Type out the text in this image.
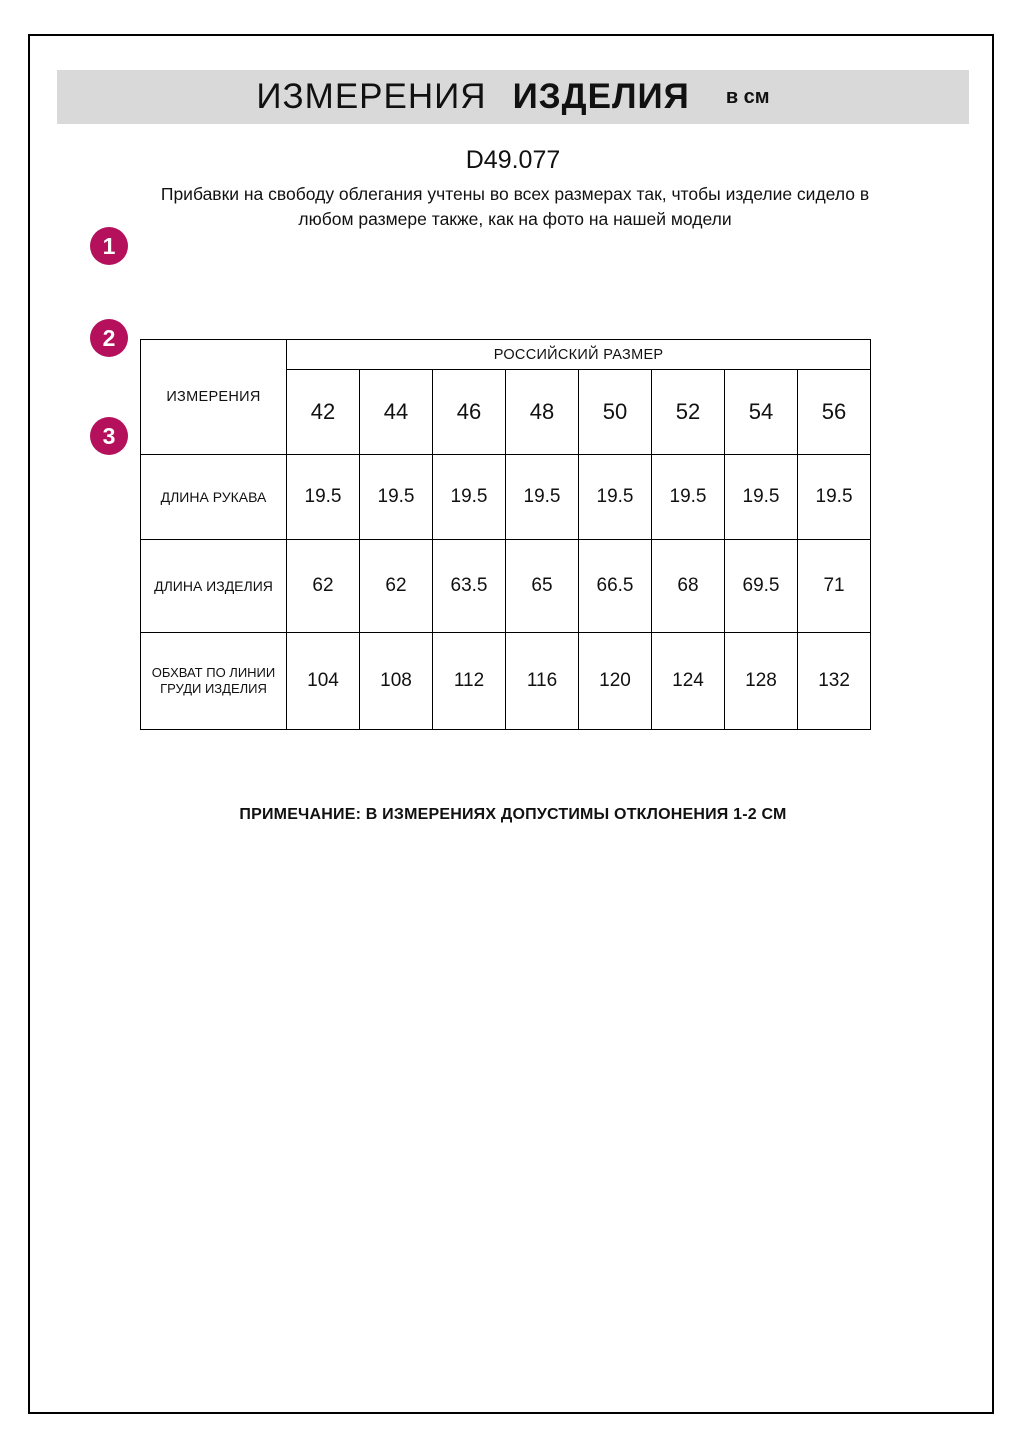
ИЗМЕРЕНИЯ ИЗДЕЛИЯ в см
D49.077
Прибавки на свободу облегания учтены во всех размерах так, чтобы изделие сидело в любом размере также, как на фото на нашей модели
1
2
3
ИЗМЕРЕНИЯ	РОССИЙСКИЙ РАЗМЕР							
	42	44	46	48	50	52	54	56
ДЛИНА РУКАВА	19.5	19.5	19.5	19.5	19.5	19.5	19.5	19.5
ДЛИНА ИЗДЕЛИЯ	62	62	63.5	65	66.5	68	69.5	71
ОБХВАТ ПО ЛИНИИ ГРУДИ ИЗДЕЛИЯ	104	108	112	116	120	124	128	132
ПРИМЕЧАНИЕ: В ИЗМЕРЕНИЯХ ДОПУСТИМЫ ОТКЛОНЕНИЯ 1-2 СМ
